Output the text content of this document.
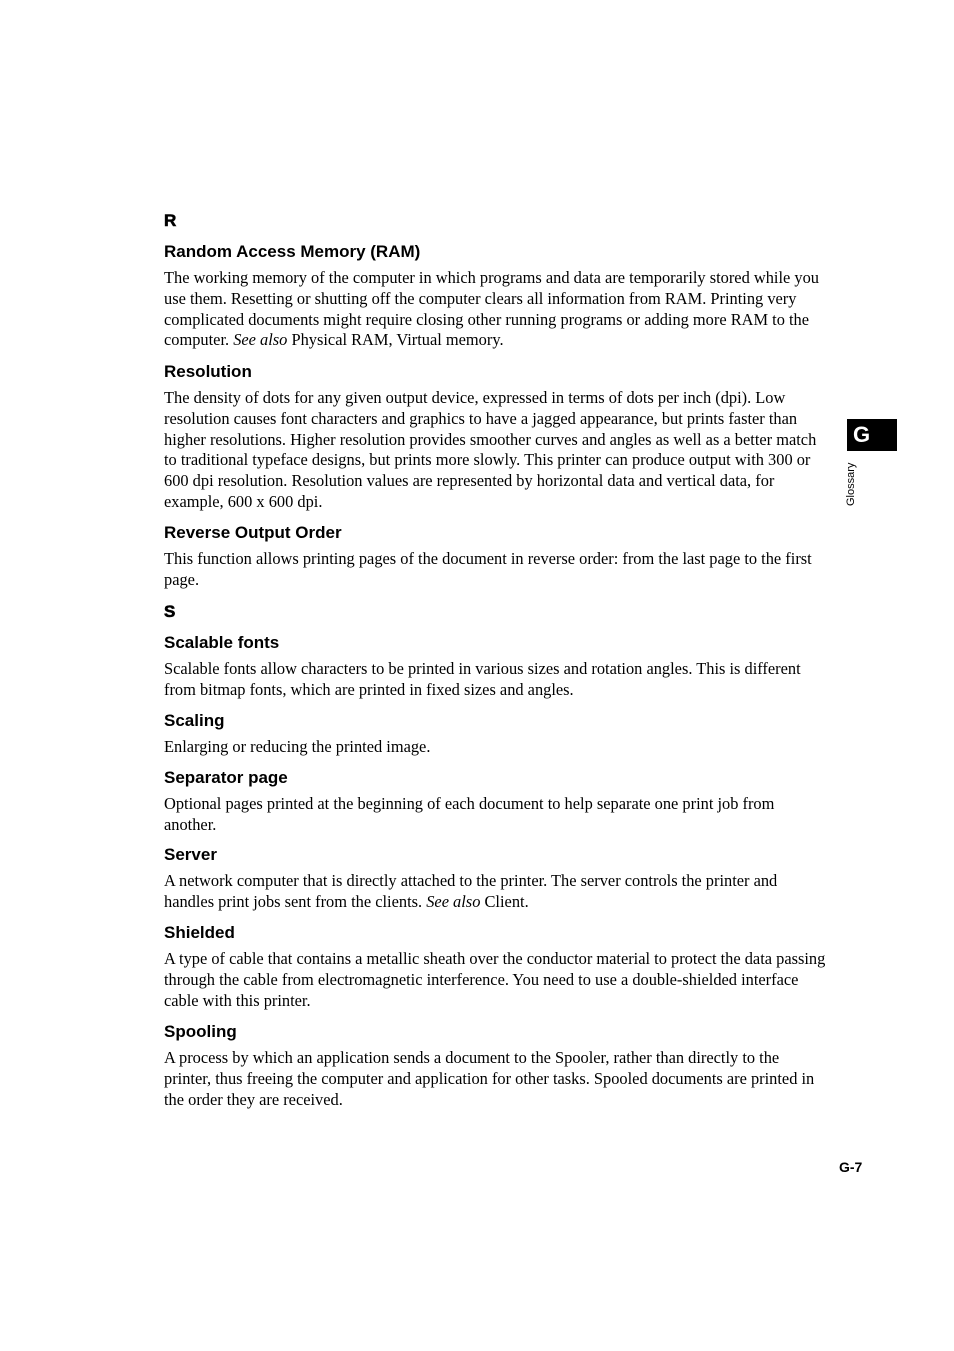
R
Random Access Memory (RAM)
The working memory of the computer in which programs and data are temporarily stored while you use them. Resetting or shutting off the computer clears all information from RAM. Printing very complicated documents might require closing other running programs or adding more RAM to the computer. See also Physical RAM, Virtual memory.
Resolution
The density of dots for any given output device, expressed in terms of dots per inch (dpi). Low resolution causes font characters and graphics to have a jagged appearance, but prints faster than higher resolutions. Higher resolution provides smoother curves and angles as well as a better match to traditional typeface designs, but prints more slowly. This printer can produce output with 300 or 600 dpi resolution. Resolution values are represented by horizontal data and vertical data, for example, 600 x 600 dpi.
Reverse Output Order
This function allows printing pages of the document in reverse order: from the last page to the first page.
S
Scalable fonts
Scalable fonts allow characters to be printed in various sizes and rotation angles. This is different from bitmap fonts, which are printed in fixed sizes and angles.
Scaling
Enlarging or reducing the printed image.
Separator page
Optional pages printed at the beginning of each document to help separate one print job from another.
Server
A network computer that is directly attached to the printer. The server controls the printer and handles print jobs sent from the clients. See also Client.
Shielded
A type of cable that contains a metallic sheath over the conductor material to protect the data passing through the cable from electromagnetic interference. You need to use a double-shielded interface cable with this printer.
Spooling
A process by which an application sends a document to the Spooler, rather than directly to the printer, thus freeing the computer and application for other tasks. Spooled documents are printed in the order they are received.
G
Glossary
G-7
